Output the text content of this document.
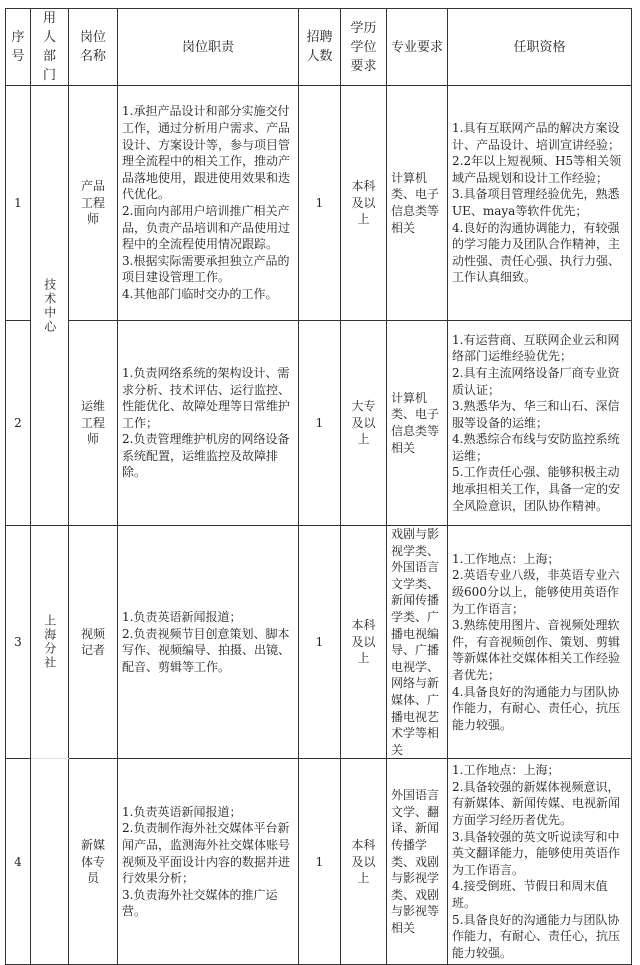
序号	用人部门	岗位名称	岗位职责	招聘人数	学历学位要求	专业要求	任职资格
1	技术中心	产品工程师	1.承担产品设计和部分实施交付工作，通过分析用户需求、产品设计、方案设计等，参与项目管理全流程中的相关工作，推动产品落地使用，跟进使用效果和迭代优化。
2.面向内部用户培训推广相关产品，负责产品培训和产品使用过程中的全流程使用情况跟踪。
3.根据实际需要承担独立产品的项目建设管理工作。
4.其他部门临时交办的工作。	1	本科及以上	计算机类、电子信息类等相关	1.具有互联网产品的解决方案设计、产品设计、培训宣讲经验；
2.2年以上短视频、H5等相关领域产品规划和设计工作经验；
3.具备项目管理经验优先，熟悉UE、maya等软件优先；
4.良好的沟通协调能力，有较强的学习能力及团队合作精神，主动性强、责任心强、执行力强、工作认真细致。

2		运维工程师	1.负责网络系统的架构设计、需求分析、技术评估、运行监控、性能优化、故障处理等日常维护工作；
2.负责管理维护机房的网络设备系统配置，运维监控及故障排除。	1	大专及以上	计算机类、电子信息类等相关	1.有运营商、互联网企业云和网络部门运维经验优先；
2.具有主流网络设备厂商专业资质认证；
3.熟悉华为、华三和山石、深信服等设备的运维；
4.熟悉综合布线与安防监控系统运维；
5.工作责任心强、能够积极主动地承担相关工作，具备一定的安全风险意识，团队协作精神。

3	上海分社	视频记者	1.负责英语新闻报道；
2.负责视频节目创意策划、脚本写作、视频编导、拍摄、出镜、配音、剪辑等工作。	1	本科及以上	戏剧与影视学类、外国语言文学类、新闻传播学类、广播电视编导、广播电视学、网络与新媒体、广播电视艺术学等相关	1.工作地点：上海；
2.英语专业八级，非英语专业六级600分以上，能够使用英语作为工作语言；
3.熟练使用图片、音视频处理软件，有音视频创作、策划、剪辑等新媒体社交媒体相关工作经验者优先；
4.具备良好的沟通能力与团队协作能力，有耐心、责任心，抗压能力较强。

4		新媒体专员	1.负责英语新闻报道；
2.负责制作海外社交媒体平台新闻产品，监测海外社交媒体账号视频及平面设计内容的数据并进行效果分析；
3.负责海外社交媒体的推广运营。	1	本科及以上	外国语言文学、翻译、新闻传播学类、戏剧与影视学类、戏剧与影视等相关	1.工作地点：上海；
2.具备较强的新媒体视频意识，有新媒体、新闻传媒、电视新闻方面学习经历者优先。
3.具备较强的英文听说读写和中英文翻译能力，能够使用英语作为工作语言。
4.接受倒班、节假日和周末值班。
5.具备良好的沟通能力与团队协作能力，有耐心、责任心，抗压能力较强。
